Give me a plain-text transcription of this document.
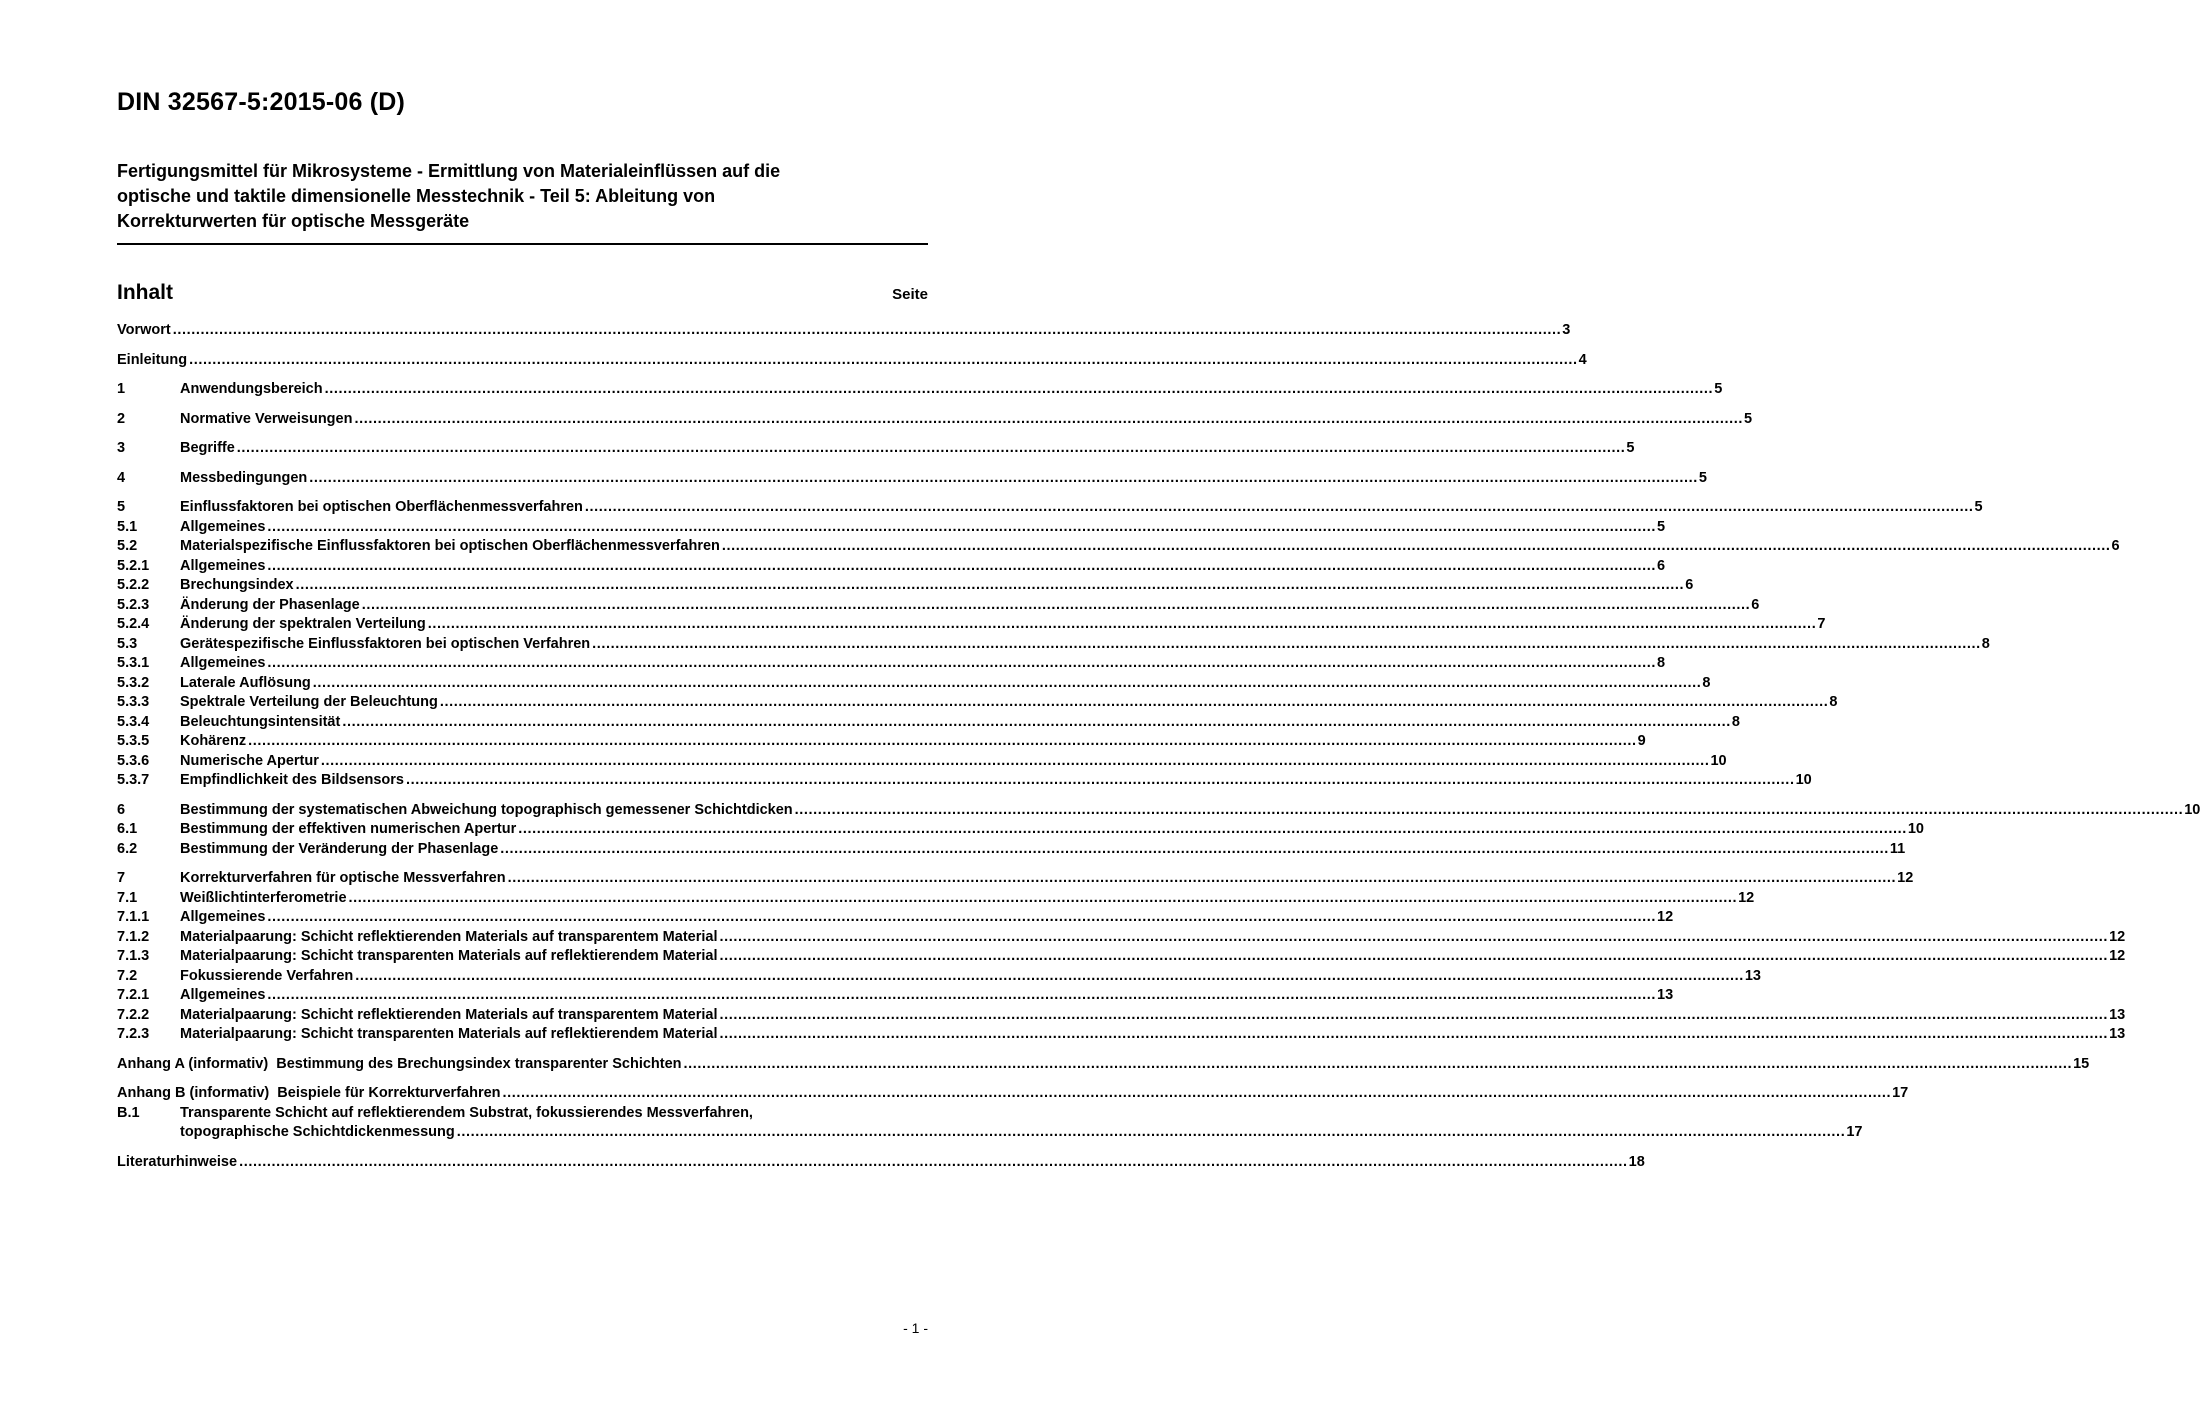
DIN 32567-5:2015-06 (D)
Fertigungsmittel für Mikrosysteme - Ermittlung von Materialeinflüssen auf die
optische und taktile dimensionelle Messtechnik - Teil 5: Ableitung von
Korrekturwerten für optische Messgeräte
Inhalt	Seite
Vorwort .....	3
Einleitung .....	4
1	Anwendungsbereich .....	5
2	Normative Verweisungen .....	5
3	Begriffe .....	5
4	Messbedingungen .....	5
5	Einflussfaktoren bei optischen Oberflächenmessverfahren .....	5
5.1	Allgemeines .....	5
5.2	Materialspezifische Einflussfaktoren bei optischen Oberflächenmessverfahren .....	6
5.2.1	Allgemeines .....	6
5.2.2	Brechungsindex .....	6
5.2.3	Änderung der Phasenlage .....	6
5.2.4	Änderung der spektralen Verteilung .....	7
5.3	Gerätespezifische Einflussfaktoren bei optischen Verfahren .....	8
5.3.1	Allgemeines .....	8
5.3.2	Laterale Auflösung .....	8
5.3.3	Spektrale Verteilung der Beleuchtung .....	8
5.3.4	Beleuchtungsintensität .....	8
5.3.5	Kohärenz .....	9
5.3.6	Numerische Apertur .....	10
5.3.7	Empfindlichkeit des Bildsensors .....	10
6	Bestimmung der systematischen Abweichung topographisch gemessener Schichtdicken .....	10
6.1	Bestimmung der effektiven numerischen Apertur .....	10
6.2	Bestimmung der Veränderung der Phasenlage .....	11
7	Korrekturverfahren für optische Messverfahren .....	12
7.1	Weißlichtinterferometrie .....	12
7.1.1	Allgemeines .....	12
7.1.2	Materialpaarung: Schicht reflektierenden Materials auf transparentem Material .....	12
7.1.3	Materialpaarung: Schicht transparenten Materials auf reflektierendem Material .....	12
7.2	Fokussierende Verfahren .....	13
7.2.1	Allgemeines .....	13
7.2.2	Materialpaarung: Schicht reflektierenden Materials auf transparentem Material .....	13
7.2.3	Materialpaarung: Schicht transparenten Materials auf reflektierendem Material .....	13
Anhang A (informativ)  Bestimmung des Brechungsindex transparenter Schichten .....	15
Anhang B (informativ)  Beispiele für Korrekturverfahren .....	17
B.1	Transparente Schicht auf reflektierendem Substrat, fokussierendes Messverfahren,
topographische Schichtdickenmessung .....	17
Literaturhinweise .....	18
- 1 -
